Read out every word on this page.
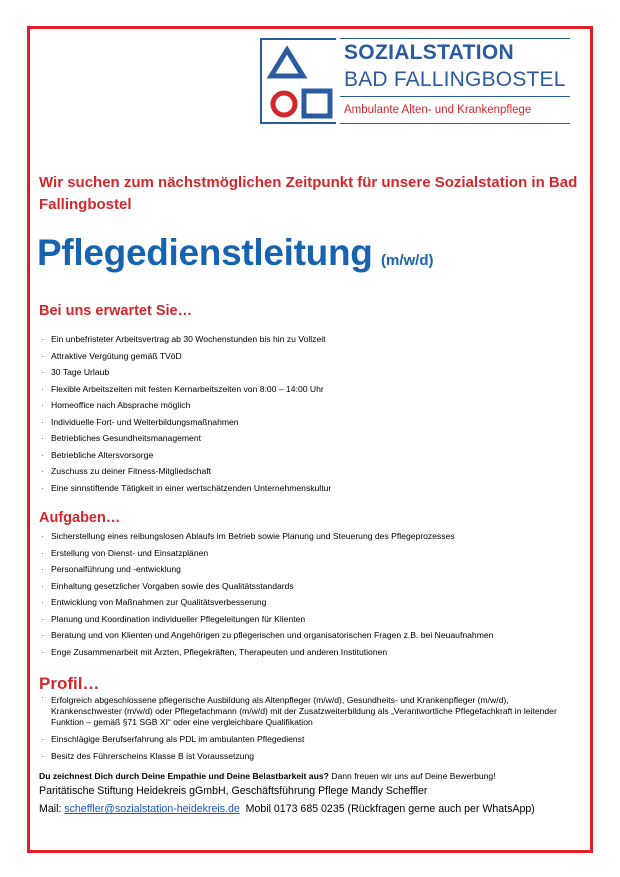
SOZIALSTATION
BAD FALLINGBOSTEL
Ambulante Alten- und Krankenpflege
Wir suchen zum nächstmöglichen Zeitpunkt für unsere Sozialstation in Bad Fallingbostel
Pflegedienstleitung (m/w/d)
Bei uns erwartet Sie…
· Ein unbefristeter Arbeitsvertrag ab 30 Wochenstunden bis hin zu Vollzeit
· Attraktive Vergütung gemäß TVöD
· 30 Tage Urlaub
· Flexible Arbeitszeiten mit festen Kernarbeitszeiten von 8:00 – 14:00 Uhr
· Homeoffice nach Absprache möglich
· Individuelle Fort- und Weiterbildungsmaßnahmen
· Betriebliches Gesundheitsmanagement
· Betriebliche Altersvorsorge
· Zuschuss zu deiner Fitness-Mitgliedschaft
· Eine sinnstiftende Tätigkeit in einer wertschätzenden Unternehmenskultur
Aufgaben…
· Sicherstellung eines reibungslosen Ablaufs im Betrieb sowie Planung und Steuerung des Pflegeprozesses
· Erstellung von Dienst- und Einsatzplänen
· Personalführung und -entwicklung
· Einhaltung gesetzlicher Vorgaben sowie des Qualitätsstandards
· Entwicklung von Maßnahmen zur Qualitätsverbesserung
· Planung und Koordination individueller Pflegeleitungen für Klienten
· Beratung und von Klienten und Angehörigen zu pflegerischen und organisatorischen Fragen z.B. bei Neuaufnahmen
· Enge Zusammenarbeit mit Ärzten, Pflegekräften, Therapeuten und anderen Institutionen
Profil…
· Erfolgreich abgeschlossene pflegerische Ausbildung als Altenpfleger (m/w/d), Gesundheits- und Krankenpfleger (m/w/d), Krankenschwester (m/w/d) oder Pflegefachmann (m/w/d) mit der Zusatzweiterbildung als „Verantwortliche Pflegefachkraft in leitender Funktion – gemäß §71 SGB XI“ oder eine vergleichbare Qualifikation
· Einschlägige Berufserfahrung als PDL im ambulanten Pflegedienst
· Besitz des Führerscheins Klasse B ist Voraussetzung
Du zeichnest Dich durch Deine Empathie und Deine Belastbarkeit aus? Dann freuen wir uns auf Deine Bewerbung!
Paritätische Stiftung Heidekreis gGmbH, Geschäftsführung Pflege Mandy Scheffler
Mail: scheffler@sozialstation-heidekreis.de  Mobil 0173 685 0235 (Rückfragen gerne auch per WhatsApp)
